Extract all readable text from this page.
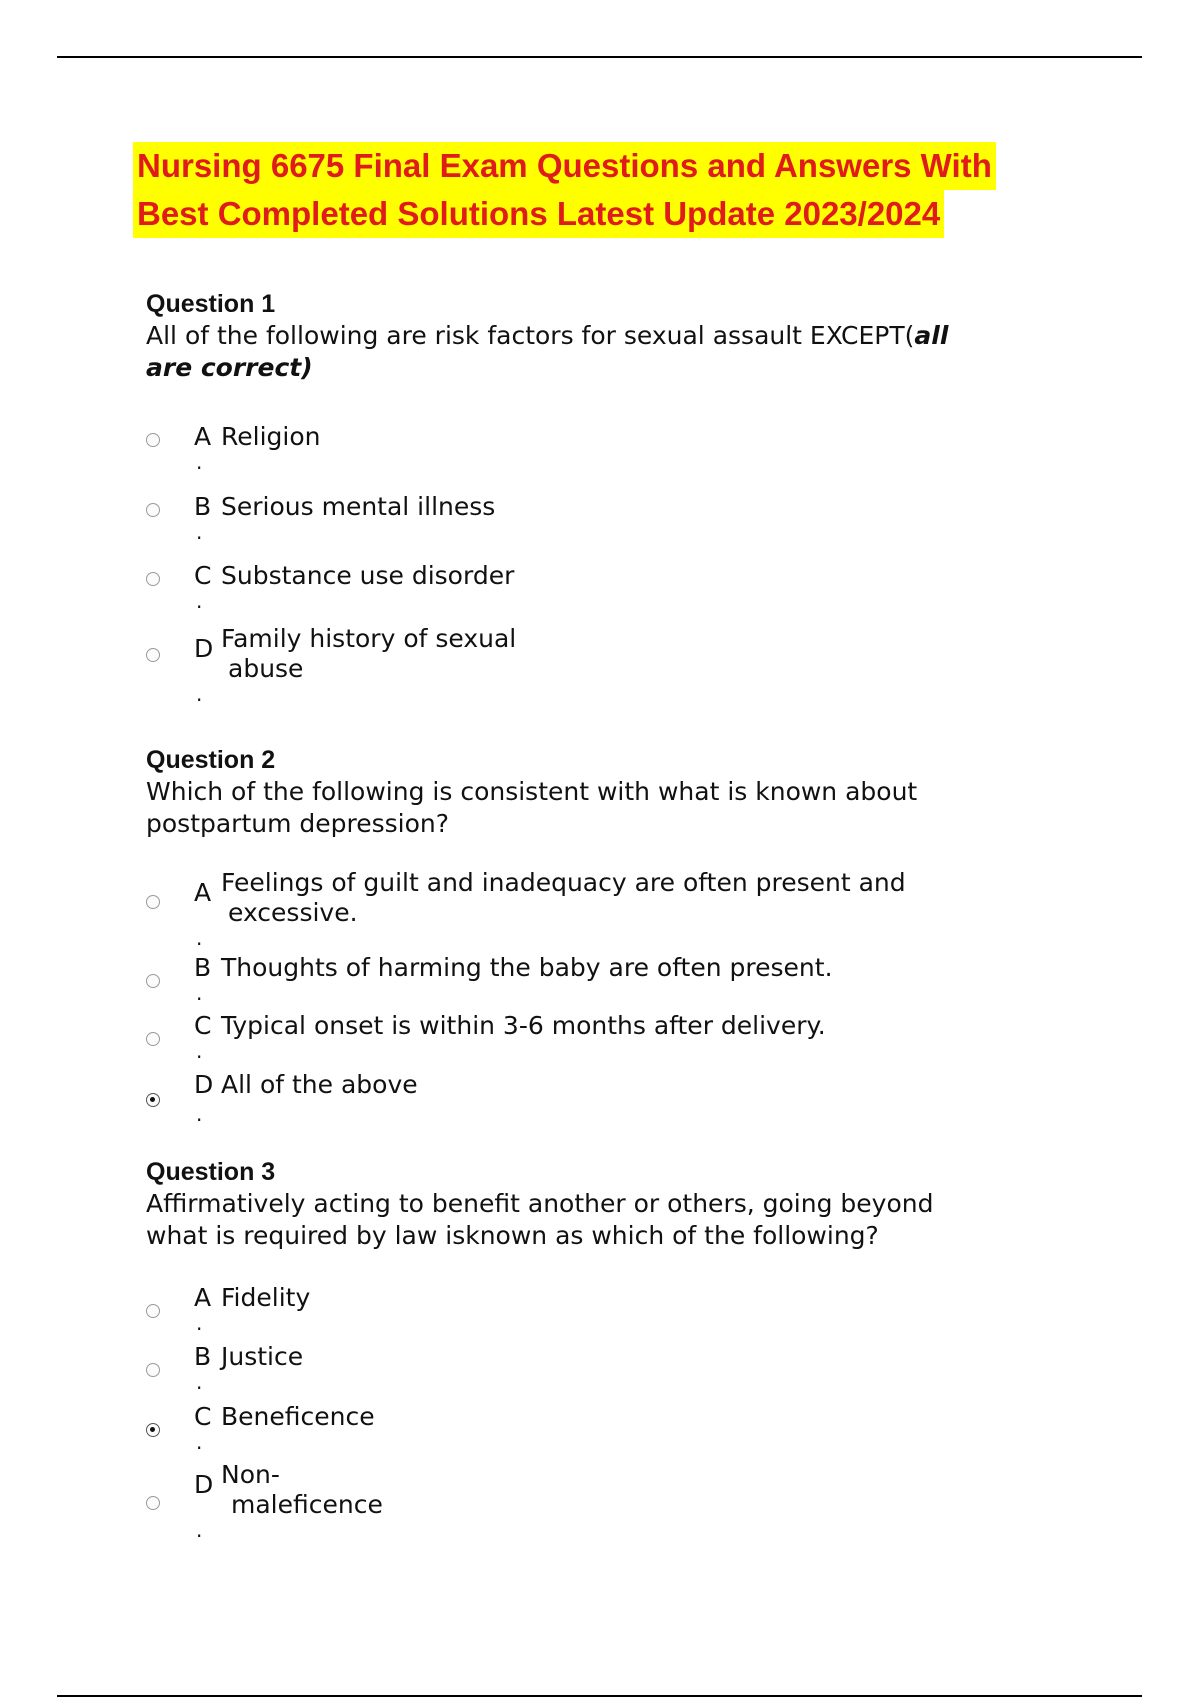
Nursing 6675 Final Exam Questions and Answers With
Best Completed Solutions Latest Update 2023/2024
Question 1
All of the following are risk factors for sexual assault EXCEPT(all
are correct)
A Religion
.
B Serious mental illness
.
C Substance use disorder
.
D Family history of sexual
abuse
.
Question 2
Which of the following is consistent with what is known about
postpartum depression?
A Feelings of guilt and inadequacy are often present and
excessive.
.
B Thoughts of harming the baby are often present.
.
C Typical onset is within 3-6 months after delivery.
.
D All of the above
.
Question 3
Affirmatively acting to benefit another or others, going beyond
what is required by law isknown as which of the following?
A Fidelity
.
B Justice
.
C Beneficence
.
D Non-
maleficence
.
